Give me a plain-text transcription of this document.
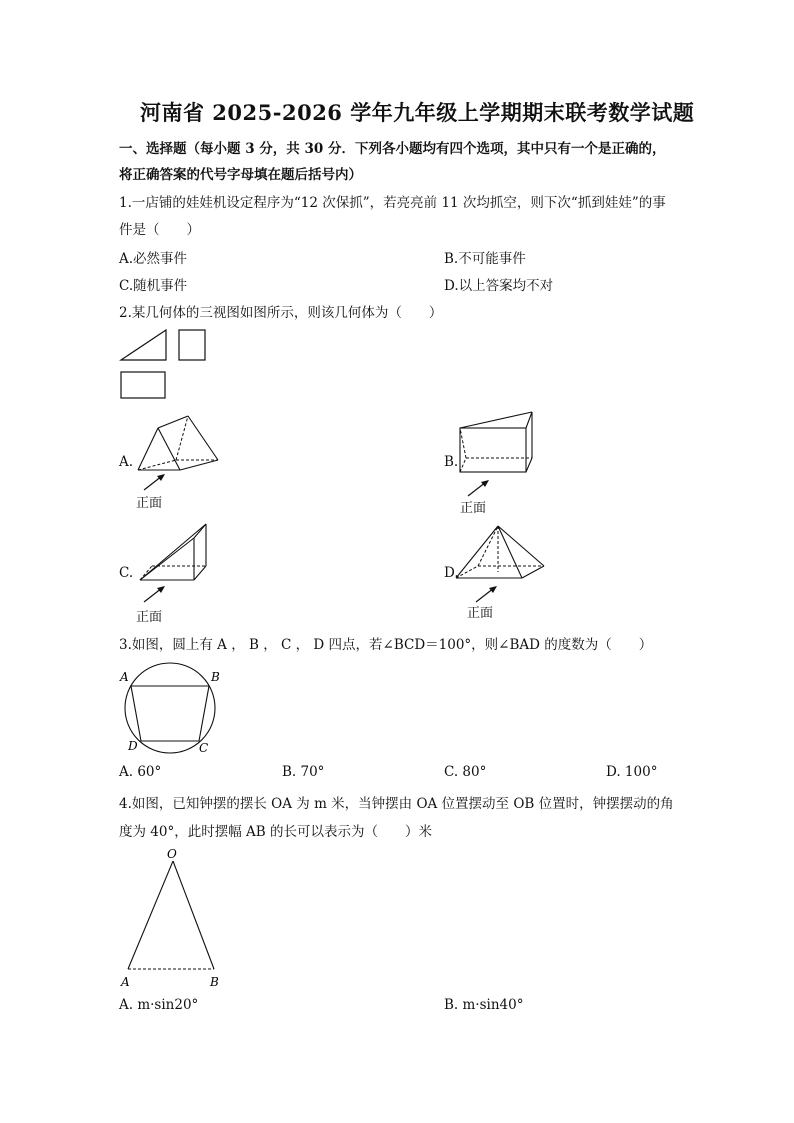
河南省 2025-2026 学年九年级上学期期末联考数学试题
一、选择题（每小题 3 分，共 30 分．下列各小题均有四个选项，其中只有一个是正确的，
将正确答案的代号字母填在题后括号内）
1.一店铺的娃娃机设定程序为“12 次保抓”，若亮亮前 11 次均抓空，则下次“抓到娃娃”的事
件是（　　）
A.必然事件	B.不可能事件
C.随机事件	D.以上答案均不对
2.某几何体的三视图如图所示，则该几何体为（　　）
A.
正面
B.
正面
C.
正面
D.
正面
3.如图，圆上有 A ， B ， C ， D 四点，若∠BCD＝100°，则∠BAD 的度数为（　　）
A	B
C
D
A. 60°	B. 70°	C. 80°	D. 100°
4.如图，已知钟摆的摆长 OA 为 m 米，当钟摆由 OA 位置摆动至 OB 位置时，钟摆摆动的角
度为 40°，此时摆幅 AB 的长可以表示为（　　）米
O
A	B
A. m·sin20°	B. m·sin40°
